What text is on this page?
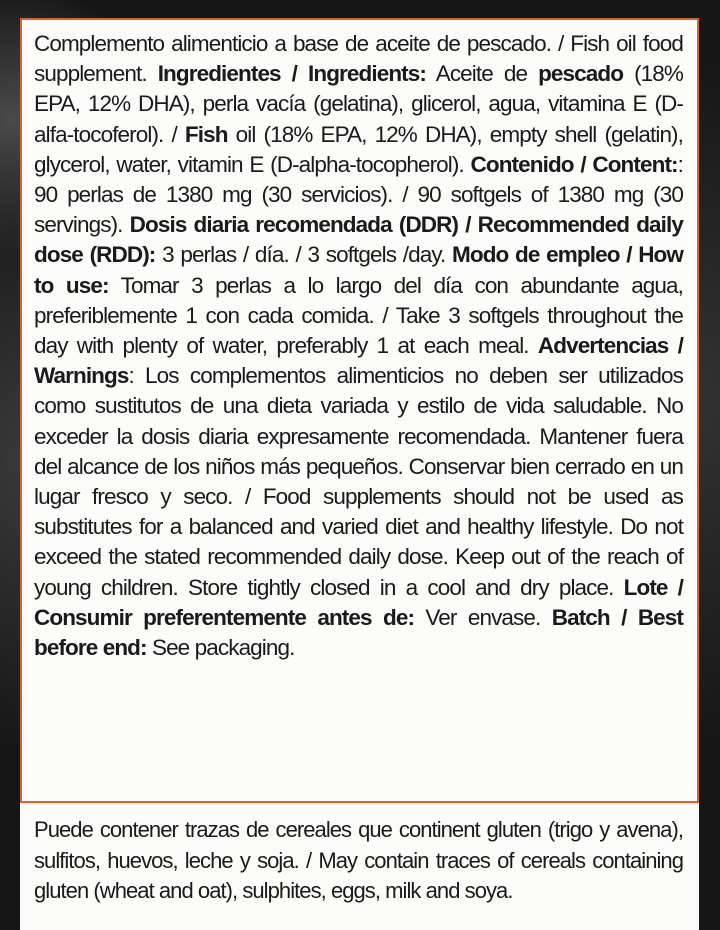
Complemento alimenticio a base de aceite de pescado. / Fish oil food supplement. Ingredientes / Ingredients: Aceite de pescado (18% EPA, 12% DHA), perla vacía (gelatina), glicerol, agua, vitamina E (D-alfa-tocoferol). / Fish oil (18% EPA, 12% DHA), empty shell (gelatin), glycerol, water, vitamin E (D-alpha-tocopherol). Contenido / Content:: 90 perlas de 1380 mg (30 servicios). / 90 softgels of 1380 mg (30 servings). Dosis diaria recomendada (DDR) / Recommended daily dose (RDD): 3 perlas / día. / 3 softgels /day. Modo de empleo / How to use: Tomar 3 perlas a lo largo del día con abundante agua, preferiblemente 1 con cada comida. / Take 3 softgels throughout the day with plenty of water, preferably 1 at each meal. Advertencias / Warnings: Los complementos alimenticios no deben ser utilizados como sustitutos de una dieta variada y estilo de vida saludable. No exceder la dosis diaria expresamente recomendada. Mantener fuera del alcance de los niños más pequeños. Conservar bien cerrado en un lugar fresco y seco. / Food supplements should not be used as substitutes for a balanced and varied diet and healthy lifestyle. Do not exceed the stated recommended daily dose. Keep out of the reach of young children. Store tightly closed in a cool and dry place. Lote / Consumir preferentemente antes de: Ver envase. Batch / Best before end: See packaging.

Puede contener trazas de cereales que continent gluten (trigo y avena), sulfitos, huevos, leche y soja. / May contain traces of cereals containing gluten (wheat and oat), sulphites, eggs, milk and soya.
